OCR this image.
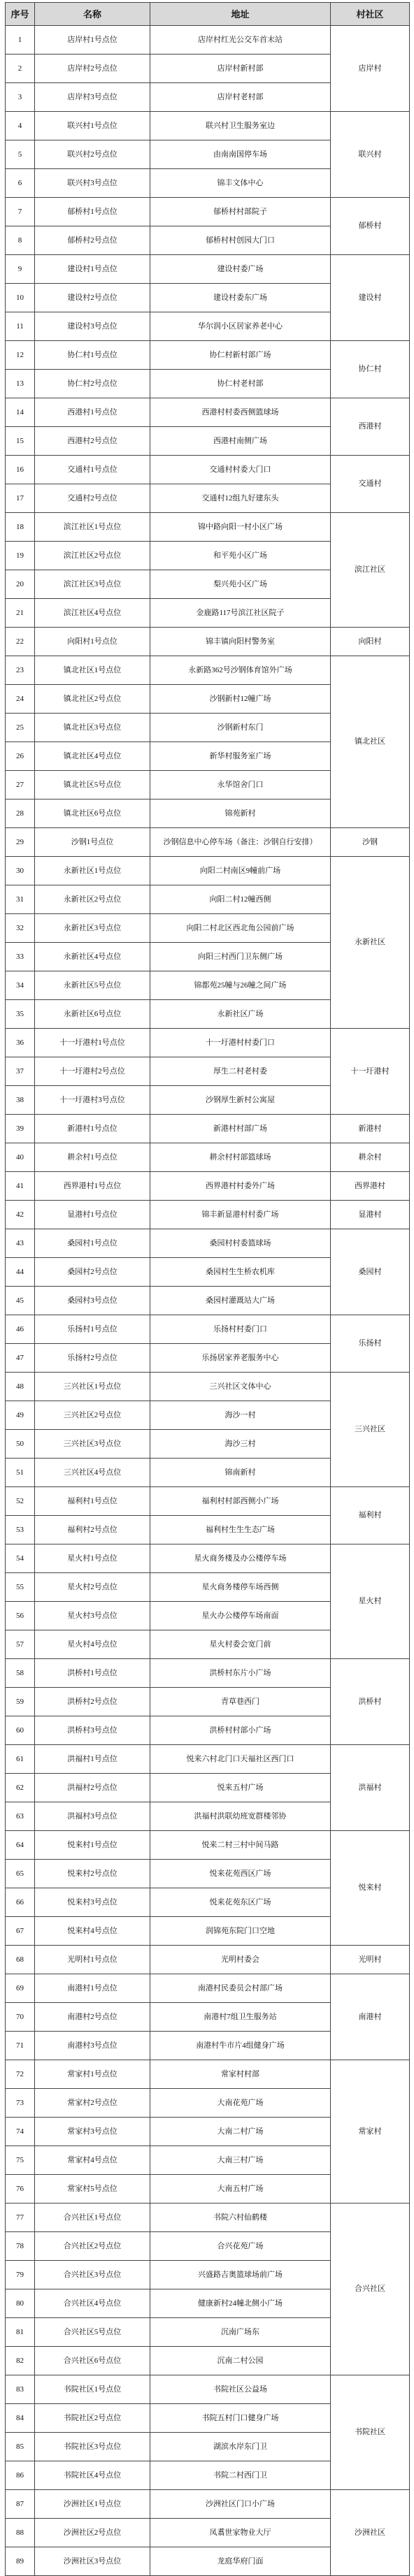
序号	名称	地址	村社区
1	店岸村1号点位	店岸村红光公交车首末站	店岸村
2	店岸村2号点位	店岸村新村部	
3	店岸村3号点位	店岸村老村部	
4	联兴村1号点位	联兴村卫生服务室边	联兴村
5	联兴村2号点位	由南南国停车场	
6	联兴村3号点位	锦丰文体中心	
7	郁桥村1号点位	郁桥村村部院子	郁桥村
8	郁桥村2号点位	郁桥村村创园大门口	
9	建设村1号点位	建设村委广场	建设村
10	建设村2号点位	建设村委东广场	
11	建设村3号点位	华尔润小区居家养老中心	
12	协仁村1号点位	协仁村新村部广场	协仁村
13	协仁村2号点位	协仁村老村部	
14	西港村1号点位	西港村村委西侧篮球场	西港村
15	西港村2号点位	西港村南侧广场	
16	交通村1号点位	交通村村委大门口	交通村
17	交通村2号点位	交通村12组九好建东头	
18	滨江社区1号点位	锦中路向阳一村小区广场	滨江社区
19	滨江社区2号点位	和平苑小区广场	
20	滨江社区3号点位	梨兴苑小区广场	
21	滨江社区4号点位	金鹿路117号滨江社区院子	
22	向阳村1号点位	锦丰镇向阳村警务室	向阳村
23	镇北社区1号点位	永新路362号沙钢体育馆外广场	镇北社区
24	镇北社区2号点位	沙钢新村12幢广场	
25	镇北社区3号点位	沙钢新村东门	
26	镇北社区4号点位	新华村服务室广场	
27	镇北社区5号点位	永华馆舍门口	
28	镇北社区6号点位	锦苑新村	
29	沙钢1号点位	沙钢信息中心停车场（备注：沙钢自行安排）	沙钢
30	永新社区1号点位	向阳二村南区9幢前广场	永新社区
31	永新社区2号点位	向阳二村12幢西侧	
32	永新社区3号点位	向阳二村北区西北角公园前广场	
33	永新社区4号点位	向阳三村西门卫东侧广场	
34	永新社区5号点位	锦都苑25幢与26幢之间广场	
35	永新社区6号点位	永新社区广场	
36	十一圩港村1号点位	十一圩港村村委门口	十一圩港村
37	十一圩港村2号点位	厚生二村老村委	
38	十一圩港村3号点位	沙钢厚生新村公寓屋	
39	新港村1号点位	新港村村部广场	新港村
40	耕余村1号点位	耕余村村部篮球场	耕余村
41	西界港村1号点位	西界港村村委外广场	西界港村
42	显港村1号点位	锦丰新显港村村委广场	显港村
43	桑园村1号点位	桑园村村委篮球场	桑园村
44	桑园村2号点位	桑园村生生桥农机库	
45	桑园村3号点位	桑园村灌溉站大广场	
46	乐扬村1号点位	乐扬村村委门口	乐扬村
47	乐扬村2号点位	乐扬居家养老服务中心	
48	三兴社区1号点位	三兴社区文体中心	三兴社区
49	三兴社区2号点位	海沙一村	
50	三兴社区3号点位	海沙三村	
51	三兴社区4号点位	锦南新村	
52	福利村1号点位	福利村村部西侧小广场	福利村
53	福利村2号点位	福利村生生生态广场	
54	星火村1号点位	星火商务楼及办公楼停车场	星火村
55	星火村2号点位	星火商务楼停车场西侧	
56	星火村3号点位	星火办公楼停车场南面	
57	星火村4号点位	星火村委会宽门前	
58	洪桥村1号点位	洪桥村东片小广场	洪桥村
59	洪桥村2号点位	青草巷西门	
60	洪桥村3号点位	洪桥村村部小广场	
61	洪福村1号点位	悦来六村北门口天福社区西门口	洪福村
62	洪福村2号点位	悦来五村广场	
63	洪福村3号点位	洪福村洪联幼班宽群楼邻协	
64	悦来村1号点位	悦来二村三村中间马路	悦来村
65	悦来村2号点位	悦来花苑西区广场	
66	悦来村3号点位	悦来花苑东区广场	
67	悦来村4号点位	润锦苑东院门口空地	
68	光明村1号点位	光明村委会	光明村
69	南港村1号点位	南港村民委员会村部广场	南港村
70	南港村2号点位	南港村7组卫生服务站	
71	南港村3号点位	南港村牛市片4组健身广场	
72	常家村1号点位	常家村村部	常家村
73	常家村2号点位	大南花苑广场	
74	常家村3号点位	大南二村广场	
75	常家村4号点位	大南三村广场	
76	常家村5号点位	大南五村广场	
77	合兴社区1号点位	书院六村仙鹤楼	合兴社区
78	合兴社区2号点位	合兴花苑广场	
79	合兴社区3号点位	兴盛路吉奥篮球场前广场	
80	合兴社区4号点位	健康新村24幢北侧小广场	
81	合兴社区5号点位	沉南广场东	
82	合兴社区6号点位	沉南二村公园	
83	书院社区1号点位	书院社区公益场	书院社区
84	书院社区2号点位	书院五村门口健身广场	
85	书院社区3号点位	湖滨水岸东门卫	
86	书院社区4号点位	书院二村西门卫	
87	沙洲社区1号点位	沙洲社区门口小广场	沙洲社区
88	沙洲社区2号点位	凤翥世家物业大厅	
89	沙洲社区3号点位	龙庭华府门面	
